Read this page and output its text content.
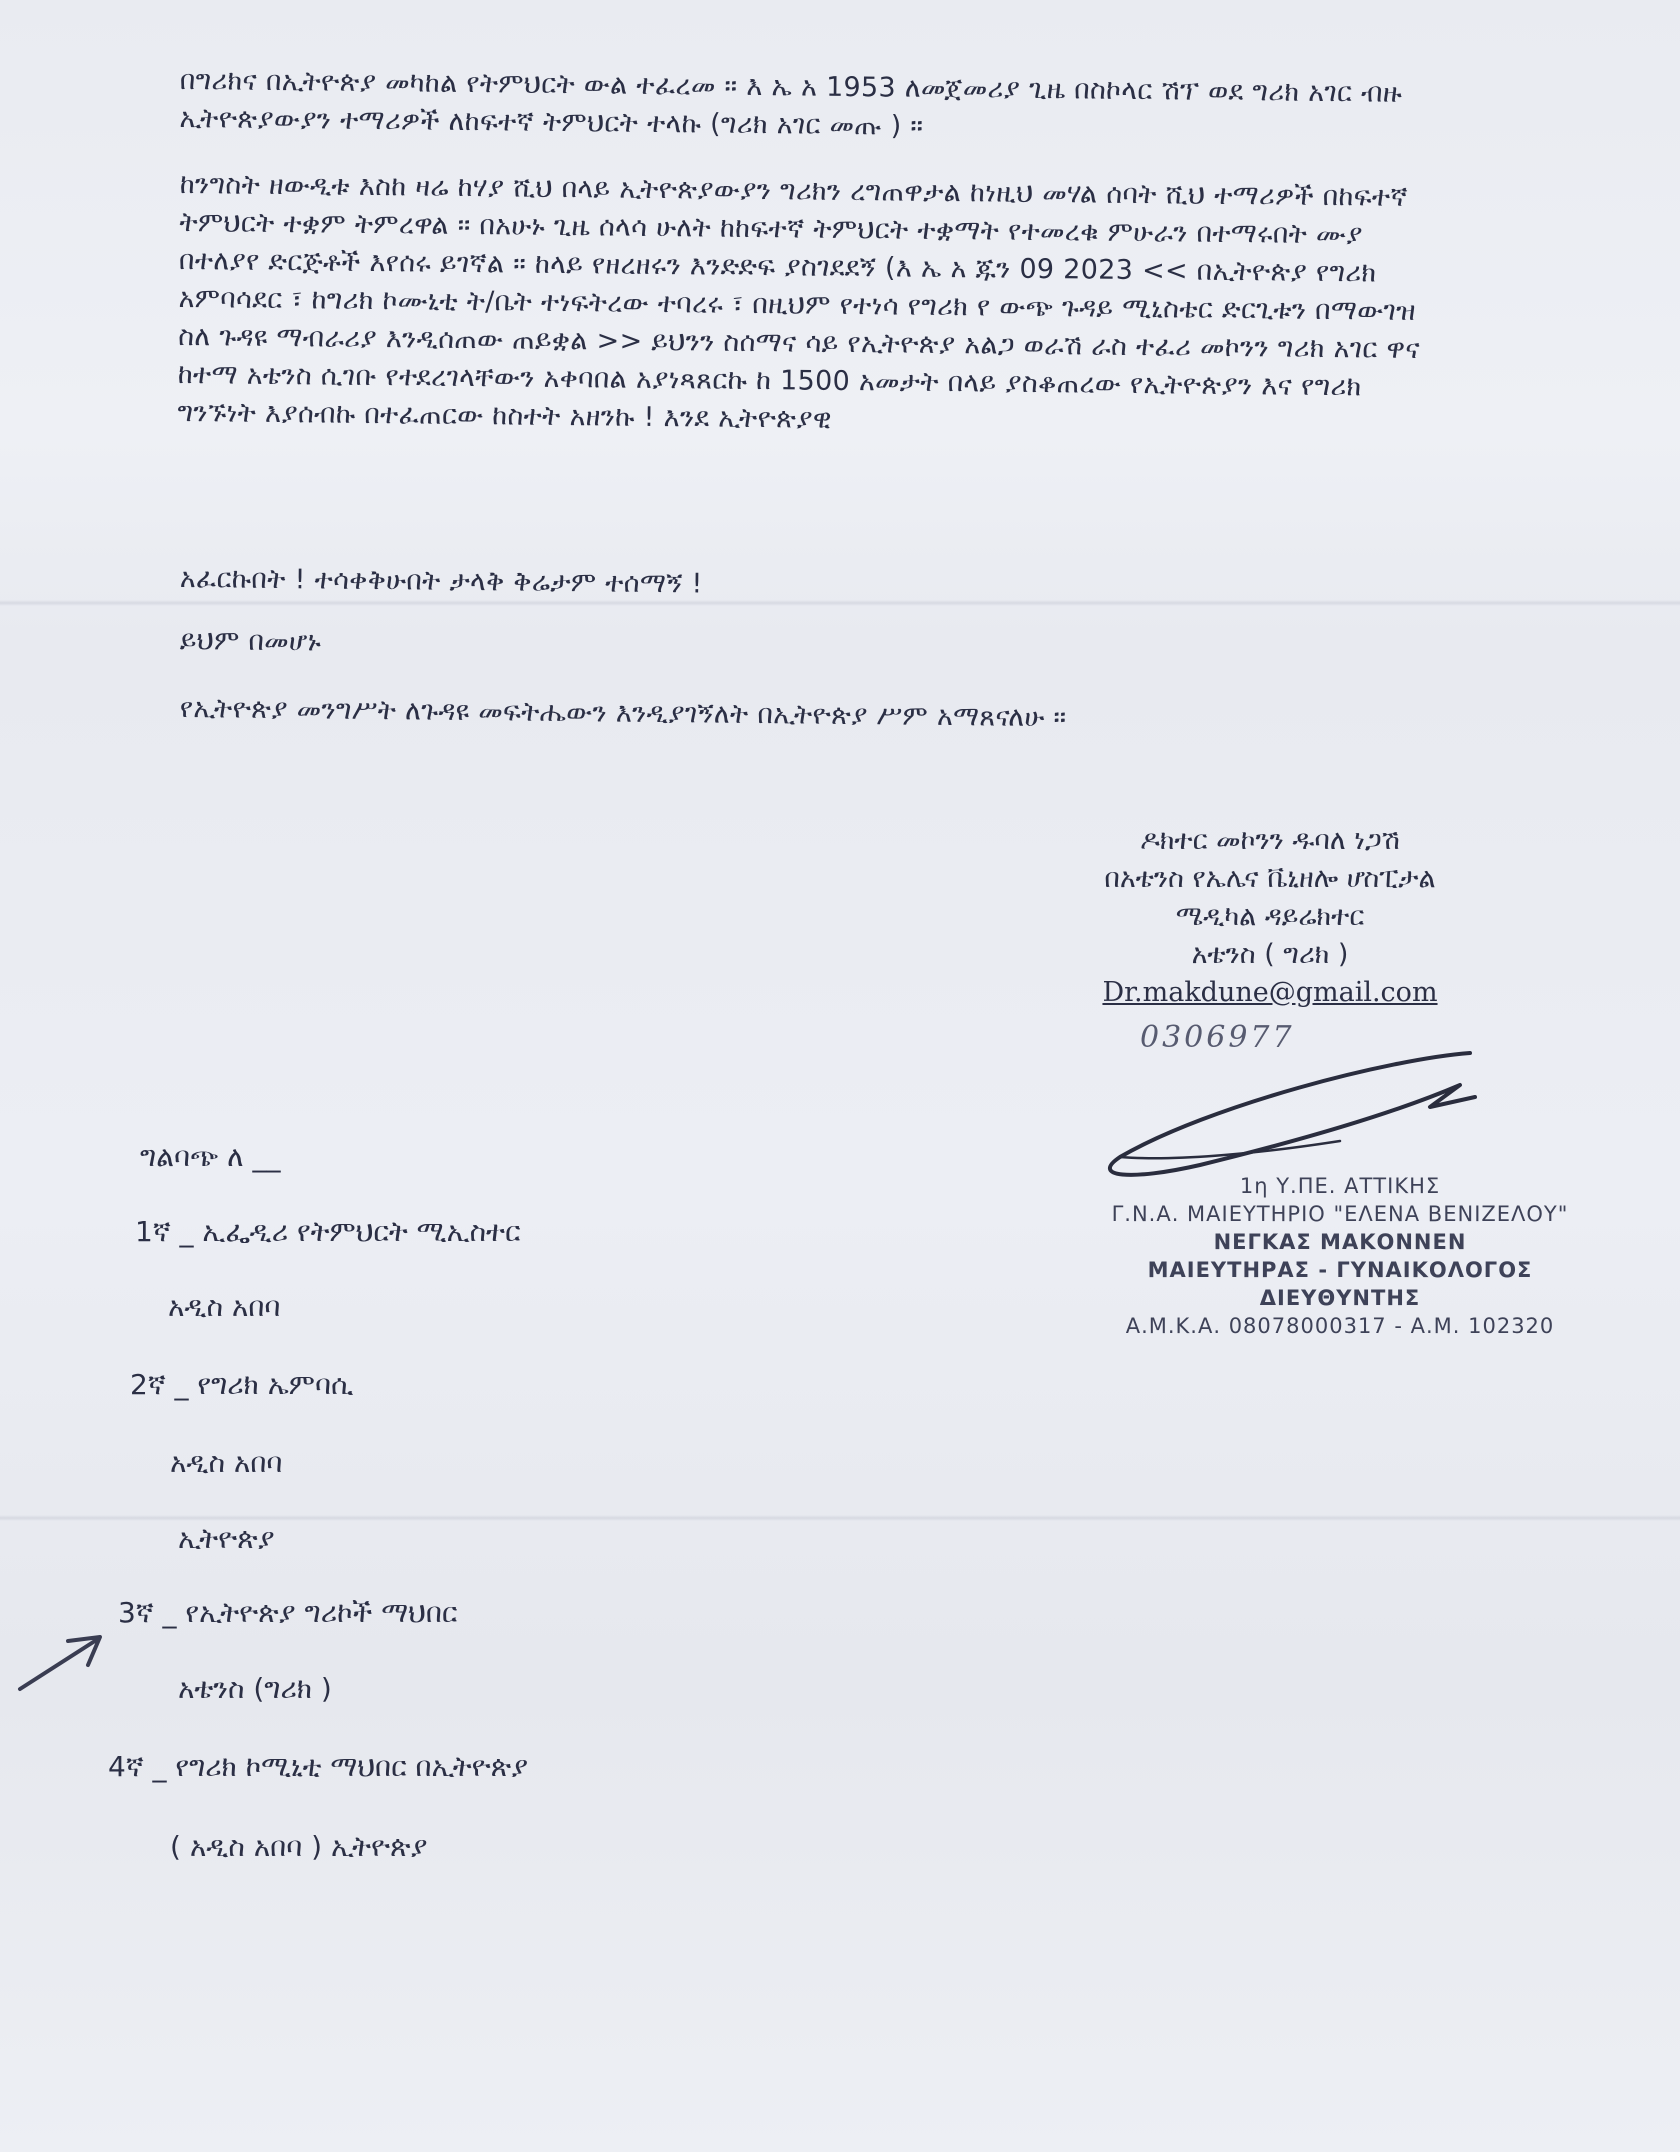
በግሪክና በኢትዮጵያ መካከል የትምህርት ውል ተፈረመ ። እ ኤ አ 1953 ለመጀመሪያ ጊዜ በስኮላር ሽፕ ወደ ግሪክ አገር ብዙ ኢትዮጵያውያን ተማሪዎች ለከፍተኛ ትምህርት ተላኩ (ግሪክ አገር መጡ ) ።

ከንግስት ዘውዲቱ እስከ ዛሬ ከሃያ ሺህ በላይ ኢትዮጵያውያን ግሪክን ረግጠዋታል ከነዚህ መሃል ሰባት ሺህ ተማሪዎች በከፍተኛ ትምህርት ተቋም ትምረዋል ። በአሁኑ ጊዜ ሰላሳ ሁለት ከከፍተኛ ትምህርት ተቋማት የተመረቁ ምሁራን በተማሩበት ሙያ በተለያየ ድርጅቶች እየሰሩ ይገኛል ። ከላይ የዘረዘሩን እንድድፍ ያስገደደኝ (እ ኤ አ ጁን 09 2023 << በኢትዮጵያ የግሪክ አምባሳደር ፣ ከግሪክ ኮሙኒቲ ት/ቤት ተነፍትረው ተባረሩ ፣ በዚህም የተነሳ የግሪክ የ ውጭ ጉዳይ ሚኒስቴር ድርጊቱን በማውገዝ ስለ ጉዳዩ ማብራሪያ እንዲሰጠው ጠይቋል >> ይህንን ስሰማና ሳይ የኢትዮጵያ አልጋ ወራሽ ራስ ተፈሪ መኮንን ግሪክ አገር ዋና ከተማ አቴንስ ሲገቡ የተደረገላቸውን አቀባበል አያነጻጸርኩ ከ 1500 አመታት በላይ ያስቆጠረው የኢትዮጵያን እና የግሪክ ግንኙነት እያሰብኩ በተፈጠርው ከስተት አዘንኩ ! እንደ ኢትዮጵያዊ

አፈርኩበት ! ተሳቀቅሁበት ታላቅ ቅሬታም ተሰማኝ !

ይህም በመሆኑ

የኢትዮጵያ መንግሥት ለጉዳዩ መፍትሔውን እንዲያገኝለት በኢትዮጵያ ሥም አማጸናለሁ ።

ዶክተር መኮንን ዱባለ ነጋሽ
በአቴንስ የኤሌና ቬኒዘሎ ሆስፒታል
ሜዲካል ዳይሬክተር
አቴንስ ( ግሪክ )
Dr.makdune@gmail.com
0306977
1η Υ.ΠΕ. ΑΤΤΙΚΗΣ
Γ.Ν.Α. ΜΑΙΕΥΤΗΡΙΟ "ΕΛΕΝΑ ΒΕΝΙΖΕΛΟΥ"
ΝΕΓΚΑΣ ΜΑΚΟΝΝΕΝ
ΜΑΙΕΥΤΗΡΑΣ - ΓΥΝΑΙΚΟΛΟΓΟΣ
ΔΙΕΥΘΥΝΤΗΣ
Α.Μ.Κ.Α. 08078000317 - Α.Μ. 102320
ግልባጭ ለ __
1ኛ _ ኢፌዲሪ የትምህርት ሚኢስተር
አዲስ አበባ
2ኛ _ የግሪክ ኤምባሲ
አዲስ አበባ
ኢትዮጵያ
3ኛ _ የኢትዮጵያ ግሪኮች ማህበር
አቴንስ (ግሪክ )
4ኛ _ የግሪክ ኮሚኒቲ ማህበር በኢትዮጵያ
( አዲስ አበባ ) ኢትዮጵያ
